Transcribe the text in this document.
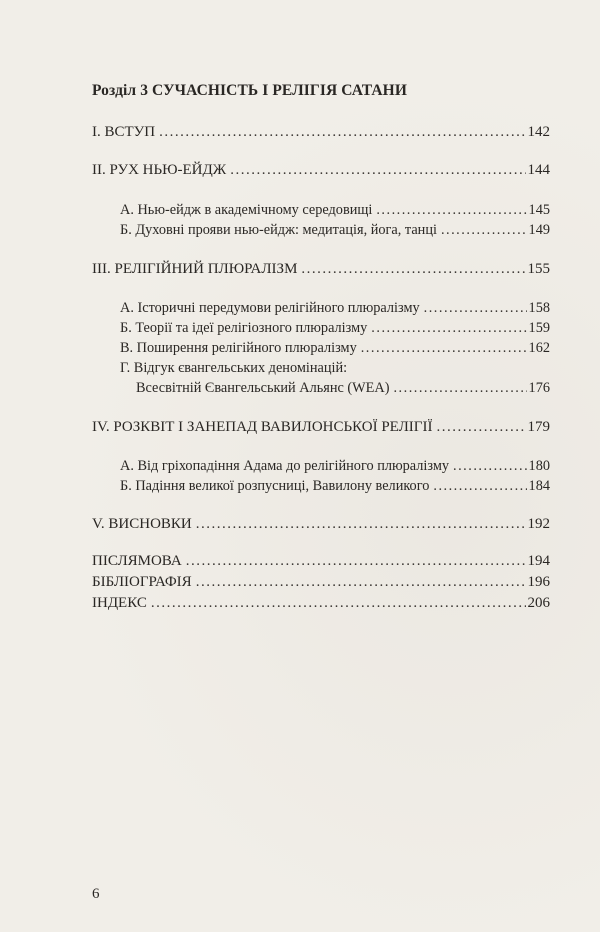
Розділ 3 СУЧАСНІСТЬ І РЕЛІГІЯ САТАНИ
I. ВСТУП .....	142
II. РУХ НЬЮ-ЕЙДЖ .....	144
А. Нью-ейдж в академічному середовищі .....	145
Б. Духовні прояви нью-ейдж: медитація, йога, танці .....	149
III. РЕЛІГІЙНИЙ ПЛЮРАЛІЗМ .....	155
А. Історичні передумови релігійного плюралізму .....	158
Б. Теорії та ідеї релігіозного плюралізму .....	159
В. Поширення релігійного плюралізму .....	162
Г. Відгук євангельських деномінацій:
Всесвітній Євангельський Альянс (WEA) .....	176
IV. РОЗКВІТ І ЗАНЕПАД ВАВИЛОНСЬКОЇ РЕЛІГІЇ .....	179
А. Від гріхопадіння Адама до релігійного плюралізму .....	180
Б. Падіння великої розпусниці, Вавилону великого .....	184
V. ВИСНОВКИ .....	192
ПІСЛЯМОВА .....	194
БІБЛІОГРАФІЯ .....	196
ІНДЕКС .....	206
6
